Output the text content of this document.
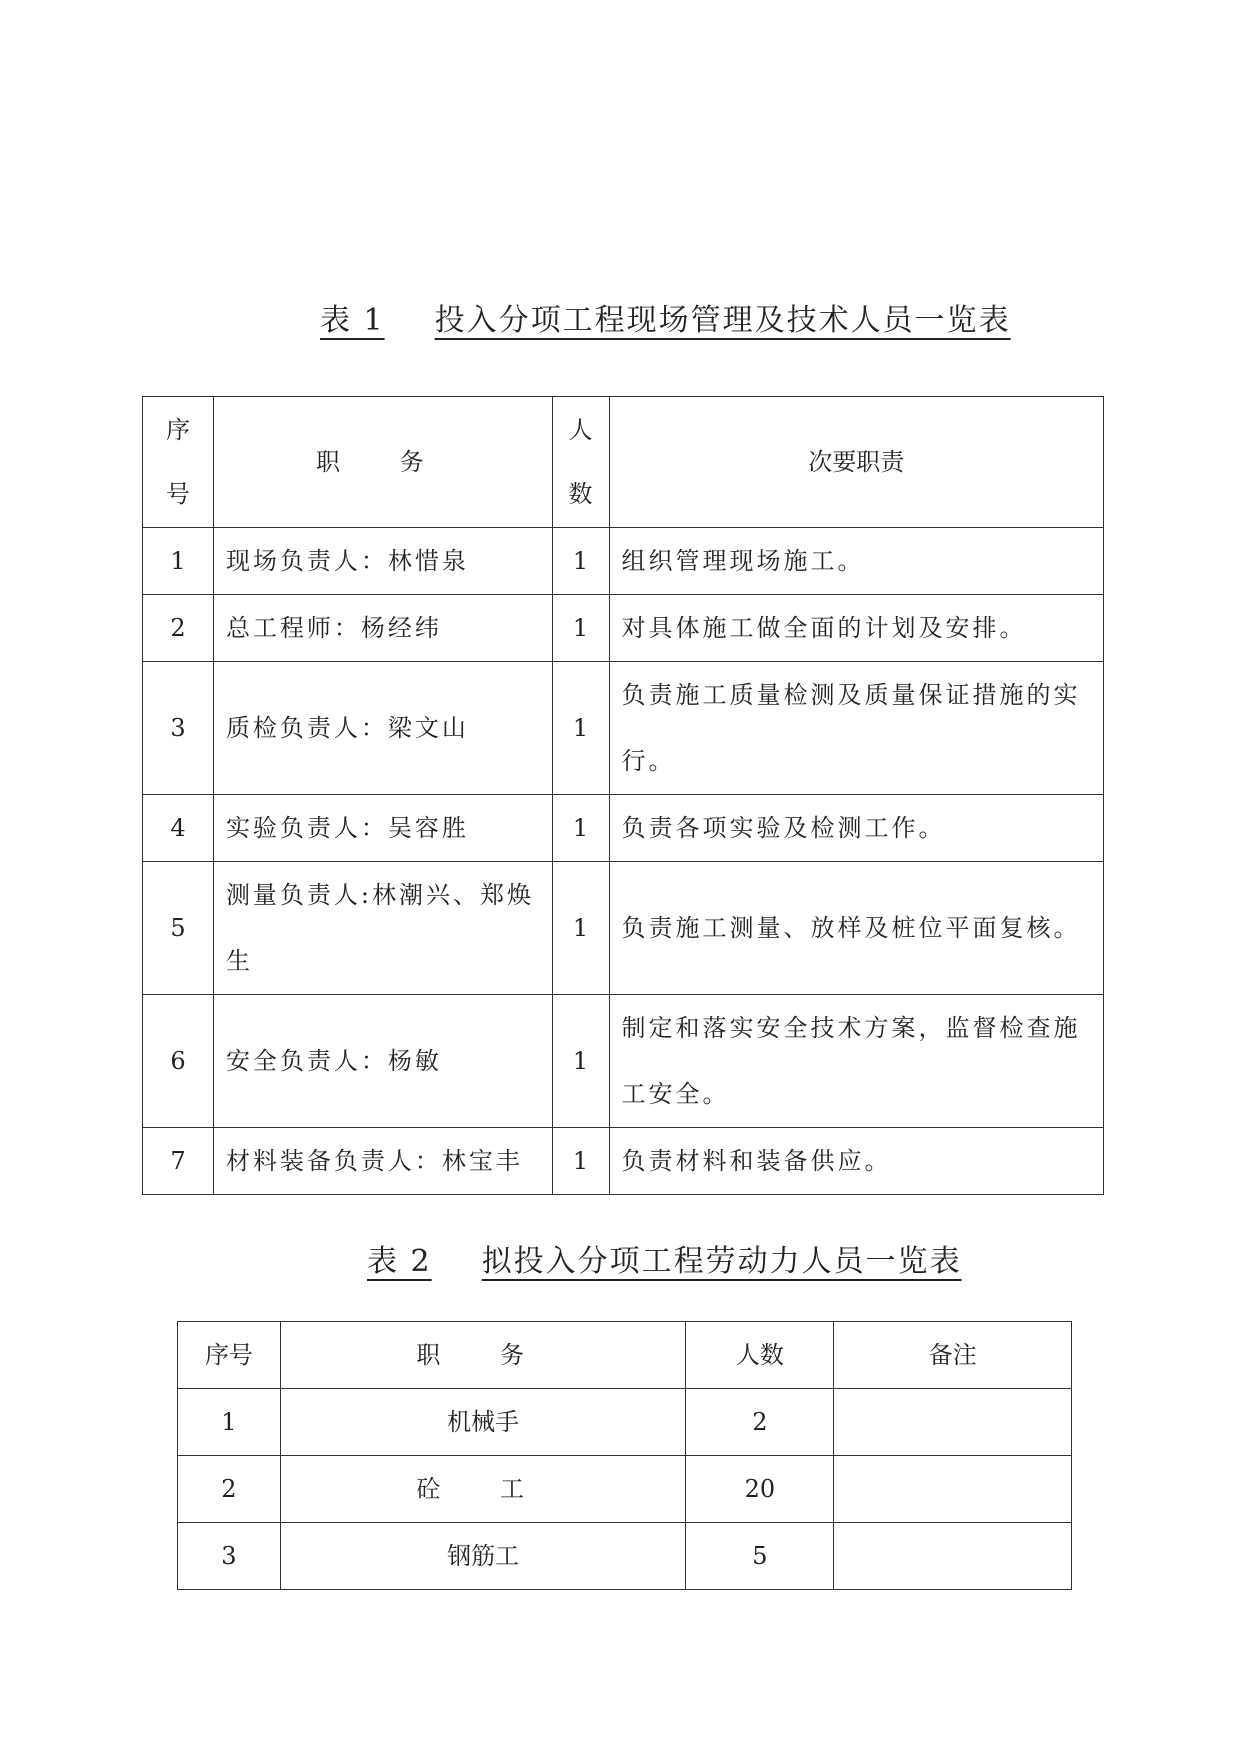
表 1 投入分项工程现场管理及技术人员一览表
序号	职 务	人数	次要职责
1	现场负责人：林惜泉	1	组织管理现场施工。
2	总工程师：杨经纬	1	对具体施工做全面的计划及安排。
3	质检负责人：梁文山	1	负责施工质量检测及质量保证措施的实行。
4	实验负责人：吴容胜	1	负责各项实验及检测工作。
5	测量负责人:林潮兴、郑焕生	1	负责施工测量、放样及桩位平面复核。
6	安全负责人：杨敏	1	制定和落实安全技术方案，监督检查施工安全。
7	材料装备负责人：林宝丰	1	负责材料和装备供应。
表 2 拟投入分项工程劳动力人员一览表
序号	职 务	人数	备注
1	机械手	2	
2	砼 工	20	
3	钢筋工	5	
